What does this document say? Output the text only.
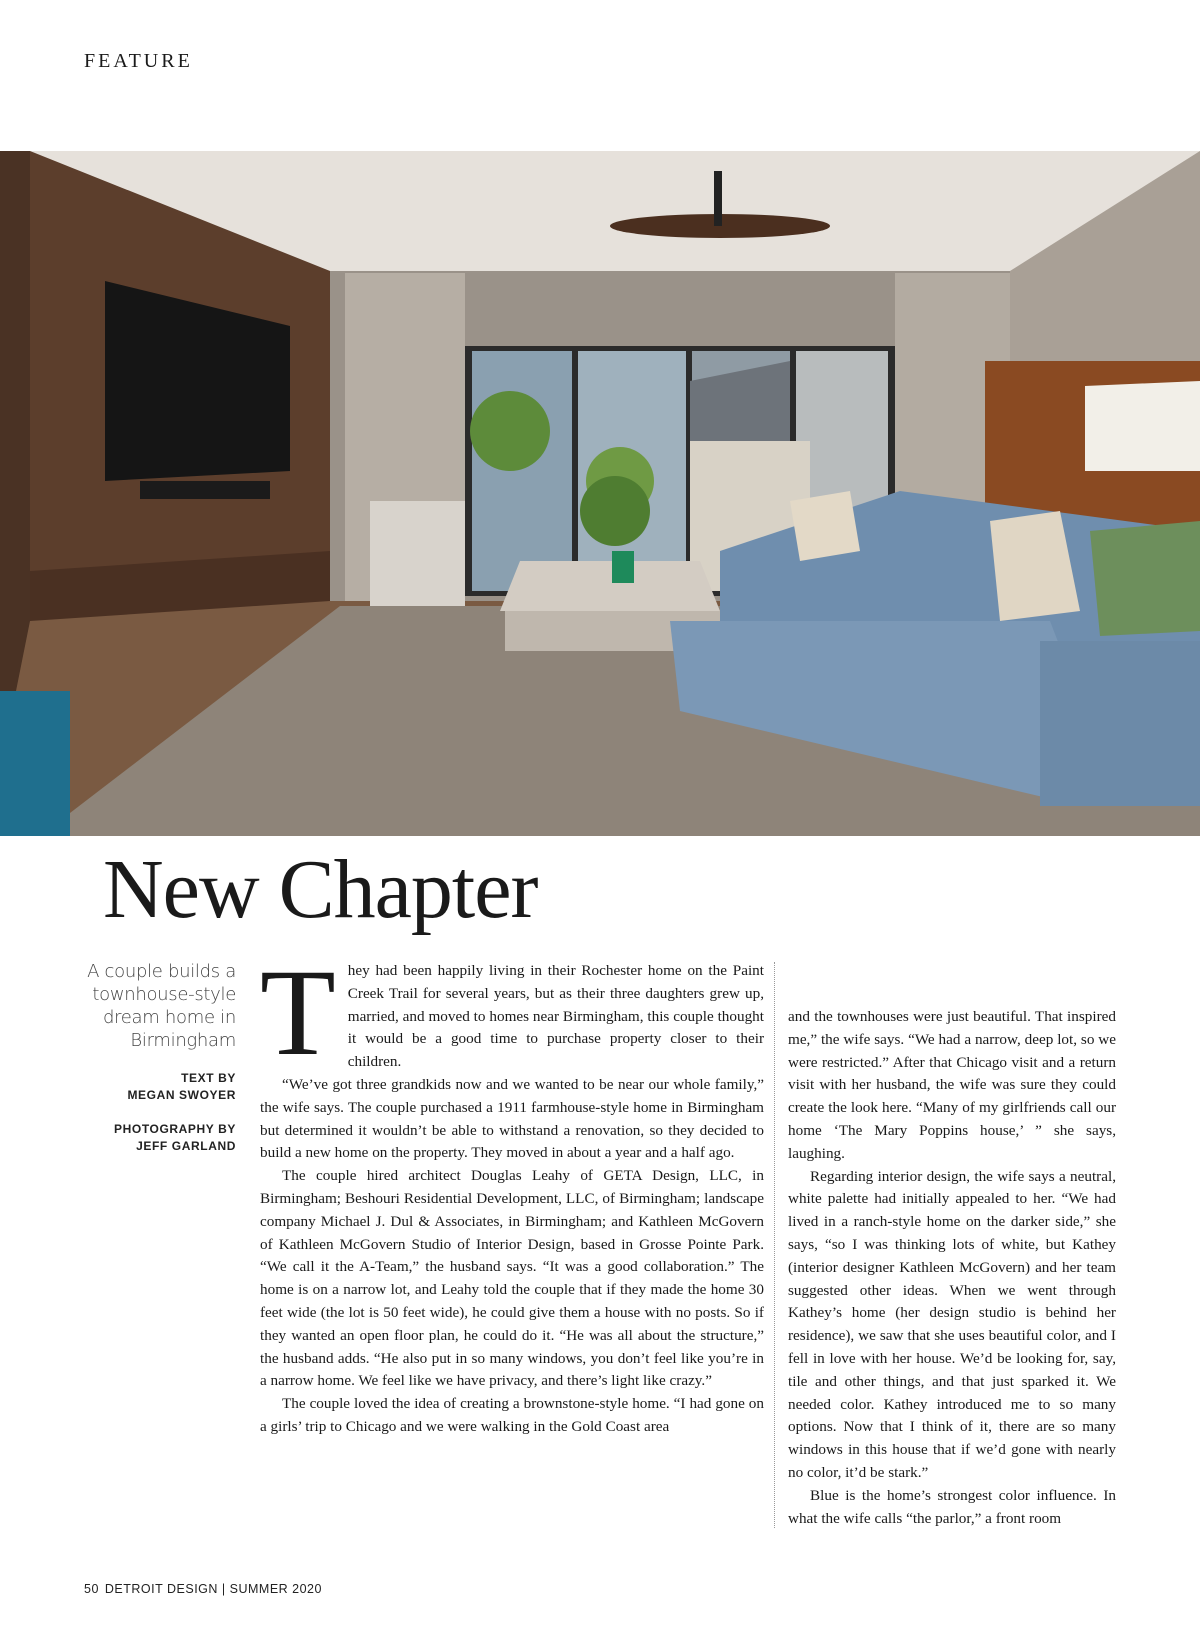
FEATURE
New Chapter

A couple builds a townhouse-style dream home in Birmingham

TEXT BY
MEGAN SWOYER
PHOTOGRAPHY BY
JEFF GARLAND

They had been happily living in their Rochester home on the Paint Creek Trail for several years, but as their three daughters grew up, married, and moved to homes near Birmingham, this couple thought it would be a good time to purchase property closer to their children.

“We’ve got three grandkids now and we wanted to be near our whole family,” the wife says. The couple purchased a 1911 farmhouse-style home in Birmingham but determined it wouldn’t be able to withstand a renovation, so they decided to build a new home on the property. They moved in about a year and a half ago.

The couple hired architect Douglas Leahy of GETA Design, LLC, in Birmingham; Beshouri Residential Development, LLC, of Birmingham; landscape company Michael J. Dul & Associates, in Birmingham; and Kathleen McGovern of Kathleen McGovern Studio of Interior Design, based in Grosse Pointe Park. “We call it the A-Team,” the husband says. “It was a good collaboration.” The home is on a narrow lot, and Leahy told the couple that if they made the home 30 feet wide (the lot is 50 feet wide), he could give them a house with no posts. So if they wanted an open floor plan, he could do it. “He was all about the structure,” the husband adds. “He also put in so many windows, you don’t feel like you’re in a narrow home. We feel like we have privacy, and there’s light like crazy.”

The couple loved the idea of creating a brownstone-style home. “I had gone on a girls’ trip to Chicago and we were walking in the Gold Coast area

and the townhouses were just beautiful. That inspired me,” the wife says. “We had a narrow, deep lot, so we were restricted.” After that Chicago visit and a return visit with her husband, the wife was sure they could create the look here. “Many of my girlfriends call our home ‘The Mary Poppins house,’ ” she says, laughing.

Regarding interior design, the wife says a neutral, white palette had initially appealed to her. “We had lived in a ranch-style home on the darker side,” she says, “so I was thinking lots of white, but Kathey (interior designer Kathleen McGovern) and her team suggested other ideas. When we went through Kathey’s home (her design studio is behind her residence), we saw that she uses beautiful color, and I fell in love with her house. We’d be looking for, say, tile and other things, and that just sparked it. We needed color. Kathey introduced me to so many options. Now that I think of it, there are so many windows in this house that if we’d gone with nearly no color, it’d be stark.”

Blue is the home’s strongest color influence. In what the wife calls “the parlor,” a front room

50 DETROIT DESIGN | SUMMER 2020
